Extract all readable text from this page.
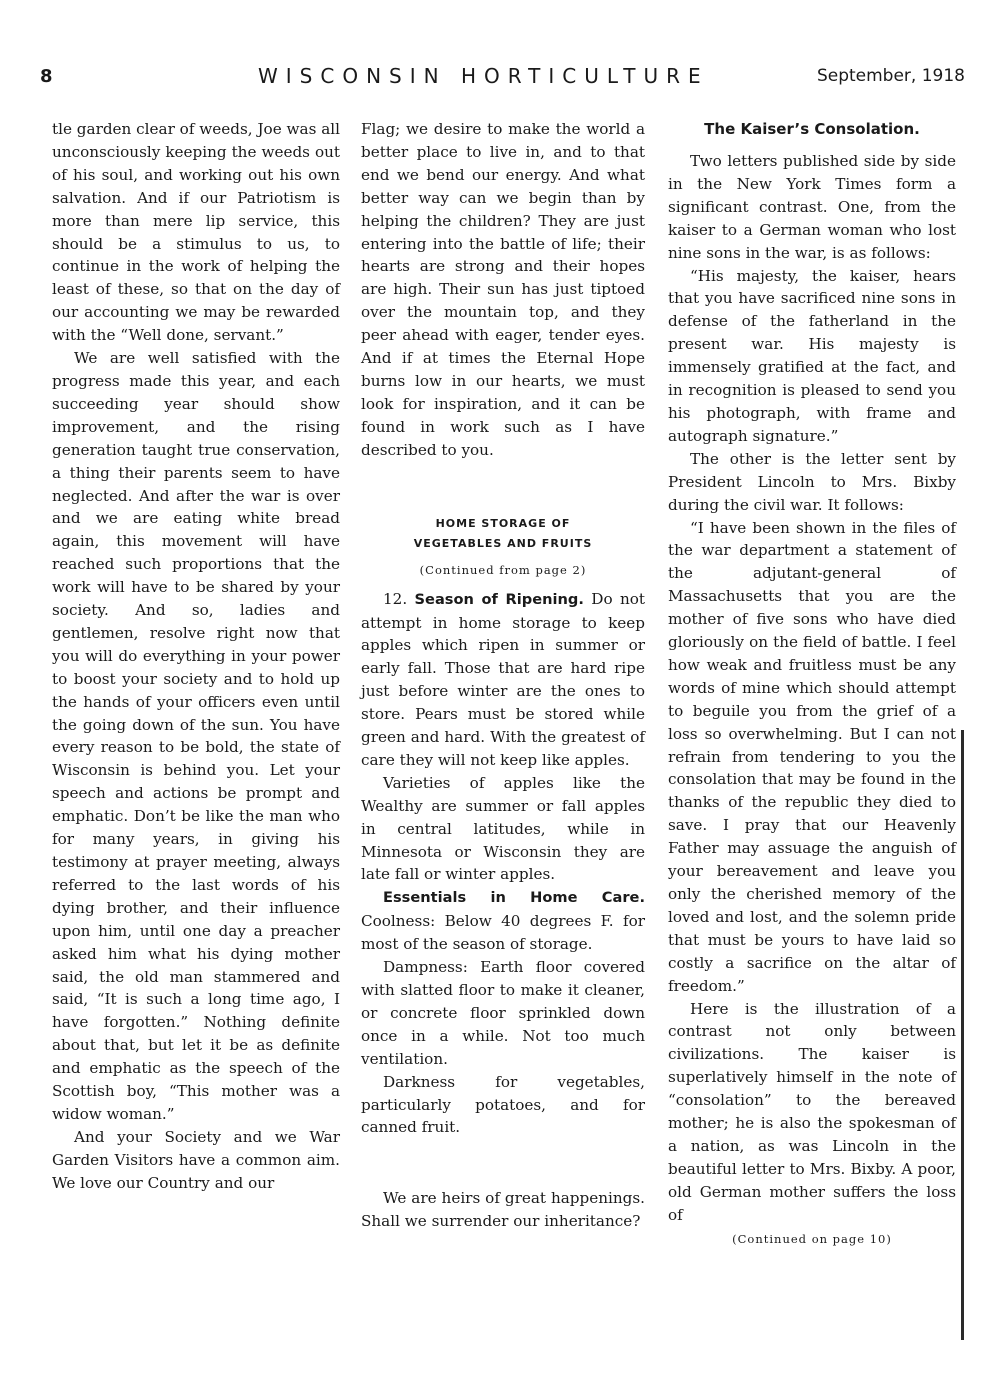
8	WISCONSIN HORTICULTURE	September, 1918

tle garden clear of weeds, Joe was all unconsciously keeping the weeds out of his soul, and working out his own salvation. And if our Patriotism is more than mere lip service, this should be a stimulus to us, to continue in the work of helping the least of these, so that on the day of our accounting we may be rewarded with the “Well done, servant.”

We are well satisfied with the progress made this year, and each succeeding year should show improvement, and the rising generation taught true conservation, a thing their parents seem to have neglected. And after the war is over and we are eating white bread again, this movement will have reached such proportions that the work will have to be shared by your society. And so, ladies and gentlemen, resolve right now that you will do everything in your power to boost your society and to hold up the hands of your officers even until the going down of the sun. You have every reason to be bold, the state of Wisconsin is behind you. Let your speech and actions be prompt and emphatic. Don’t be like the man who for many years, in giving his testimony at prayer meeting, always referred to the last words of his dying brother, and their influence upon him, until one day a preacher asked him what his dying mother said, the old man stammered and said, “It is such a long time ago, I have forgotten.” Nothing definite about that, but let it be as definite and emphatic as the speech of the Scottish boy, “This mother was a widow woman.”

And your Society and we War Garden Visitors have a common aim. We love our Country and our

Flag; we desire to make the world a better place to live in, and to that end we bend our energy. And what better way can we begin than by helping the children? They are just entering into the battle of life; their hearts are strong and their hopes are high. Their sun has just tiptoed over the mountain top, and they peer ahead with eager, tender eyes. And if at times the Eternal Hope burns low in our hearts, we must look for inspiration, and it can be found in work such as I have described to you.

HOME STORAGE OF
VEGETABLES AND FRUITS
(Continued from page 2)

12. Season of Ripening. Do not attempt in home storage to keep apples which ripen in summer or early fall. Those that are hard ripe just before winter are the ones to store. Pears must be stored while green and hard. With the greatest of care they will not keep like apples.

Varieties of apples like the Wealthy are summer or fall apples in central latitudes, while in Minnesota or Wisconsin they are late fall or winter apples.

Essentials in Home Care. Coolness: Below 40 degrees F. for most of the season of storage.

Dampness: Earth floor covered with slatted floor to make it cleaner, or concrete floor sprinkled down once in a while. Not too much ventilation.

Darkness for vegetables, particularly potatoes, and for canned fruit.

We are heirs of great happenings. Shall we surrender our inheritance?

The Kaiser’s Consolation.

Two letters published side by side in the New York Times form a significant contrast. One, from the kaiser to a German woman who lost nine sons in the war, is as follows:

“His majesty, the kaiser, hears that you have sacrificed nine sons in defense of the fatherland in the present war. His majesty is immensely gratified at the fact, and in recognition is pleased to send you his photograph, with frame and autograph signature.”

The other is the letter sent by President Lincoln to Mrs. Bixby during the civil war. It follows:

“I have been shown in the files of the war department a statement of the adjutant-general of Massachusetts that you are the mother of five sons who have died gloriously on the field of battle. I feel how weak and fruitless must be any words of mine which should attempt to beguile you from the grief of a loss so overwhelming. But I can not refrain from tendering to you the consolation that may be found in the thanks of the republic they died to save. I pray that our Heavenly Father may assuage the anguish of your bereavement and leave you only the cherished memory of the loved and lost, and the solemn pride that must be yours to have laid so costly a sacrifice on the altar of freedom.”

Here is the illustration of a contrast not only between civilizations. The kaiser is superlatively himself in the note of “consolation” to the bereaved mother; he is also the spokesman of a nation, as was Lincoln in the beautiful letter to Mrs. Bixby. A poor, old German mother suffers the loss of

(Continued on page 10)
